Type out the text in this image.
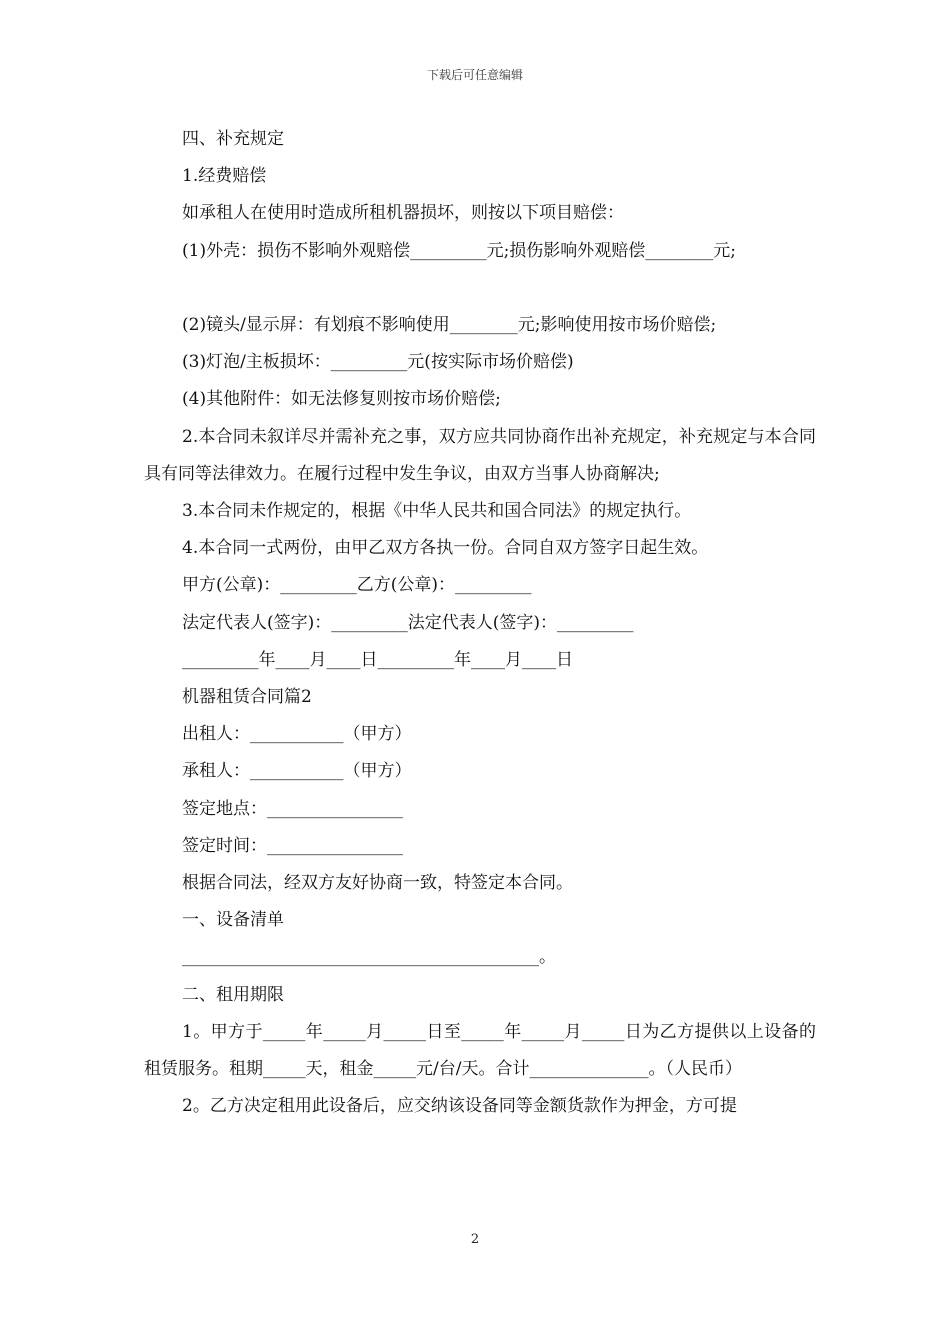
下载后可任意编辑
四、补充规定
1.经费赔偿
如承租人在使用时造成所租机器损坏，则按以下项目赔偿：
(1)外壳：损伤不影响外观赔偿_________元;损伤影响外观赔偿________元;
(2)镜头/显示屏：有划痕不影响使用________元;影响使用按市场价赔偿;
(3)灯泡/主板损坏：_________元(按实际市场价赔偿)
(4)其他附件：如无法修复则按市场价赔偿;
2.本合同未叙详尽并需补充之事，双方应共同协商作出补充规定，补充规定与本合同具有同等法律效力。在履行过程中发生争议，由双方当事人协商解决;
3.本合同未作规定的，根据《中华人民共和国合同法》的规定执行。
4.本合同一式两份，由甲乙双方各执一份。合同自双方签字日起生效。
甲方(公章)：_________乙方(公章)：_________
法定代表人(签字)：_________法定代表人(签字)：_________
_________年____月____日_________年____月____日
机器租赁合同篇2
出租人：___________（甲方）
承租人：___________（甲方）
签定地点：________________
签定时间：________________
根据合同法，经双方友好协商一致，特签定本合同。
一、设备清单
__________________________________________。
二、租用期限
1。甲方于_____年_____月_____日至_____年_____月_____日为乙方提供以上设备的租赁服务。租期_____天，租金_____元/台/天。合计______________。（人民币）
2。乙方决定租用此设备后，应交纳该设备同等金额货款作为押金，方可提
2
